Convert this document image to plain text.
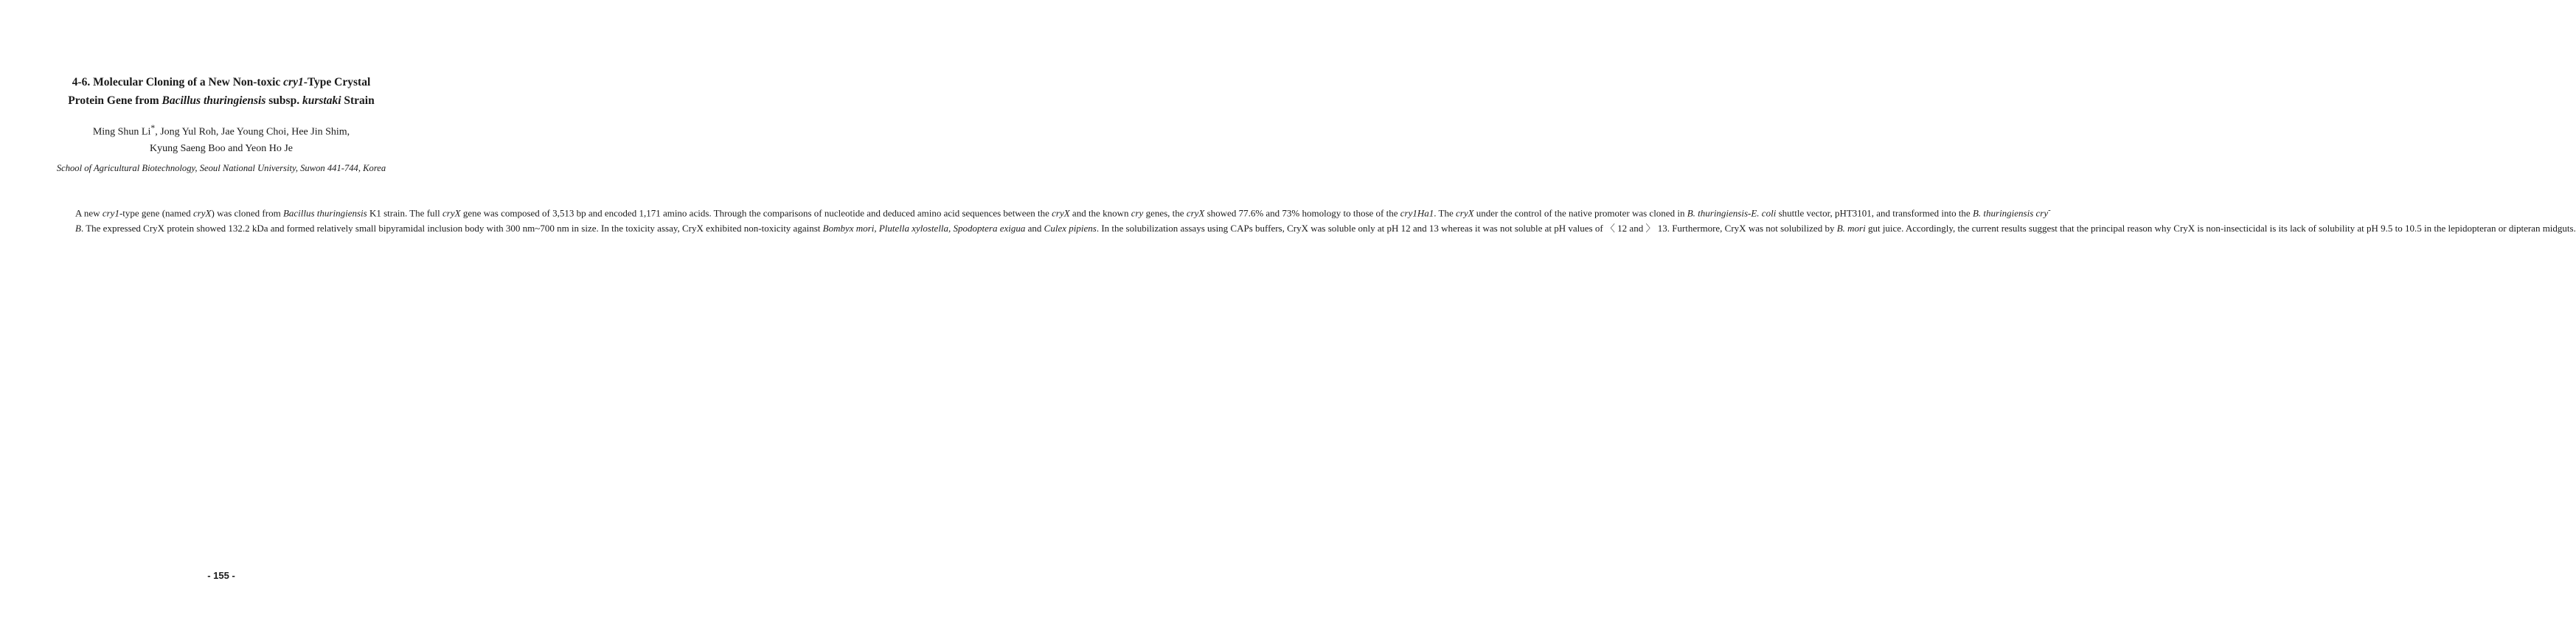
4-6. Molecular Cloning of a New Non-toxic cry1-Type Crystal
Protein Gene from Bacillus thuringiensis subsp. kurstaki Strain

Ming Shun Li*, Jong Yul Roh, Jae Young Choi, Hee Jin Shim,
Kyung Saeng Boo and Yeon Ho Je

School of Agricultural Biotechnology, Seoul National University, Suwon 441-744, Korea

A new cry1-type gene (named cryX) was cloned from Bacillus thuringiensis K1 strain. The full cryX gene was composed of 3,513 bp and encoded 1,171 amino acids. Through the comparisons of nucleotide and deduced amino acid sequences between the cryX and the known cry genes, the cryX showed 77.6% and 73% homology to those of the cry1Ha1. The cryX under the control of the native promoter was cloned in B. thuringiensis-E. coli shuttle vector, pHT3101, and transformed into the B. thuringiensis cry-B. The expressed CryX protein showed 132.2 kDa and formed relatively small bipyramidal inclusion body with 300 nm~700 nm in size. In the toxicity assay, CryX exhibited non-toxicity against Bombyx mori, Plutella xylostella, Spodoptera exigua and Culex pipiens. In the solubilization assays using CAPs buffers, CryX was soluble only at pH 12 and 13 whereas it was not soluble at pH values of 〈 12 and 〉 13. Furthermore, CryX was not solubilized by B. mori gut juice. Accordingly, the current results suggest that the principal reason why CryX is non-insecticidal is its lack of solubility at pH 9.5 to 10.5 in the lepidopteran or dipteran midguts.

- 155 -
